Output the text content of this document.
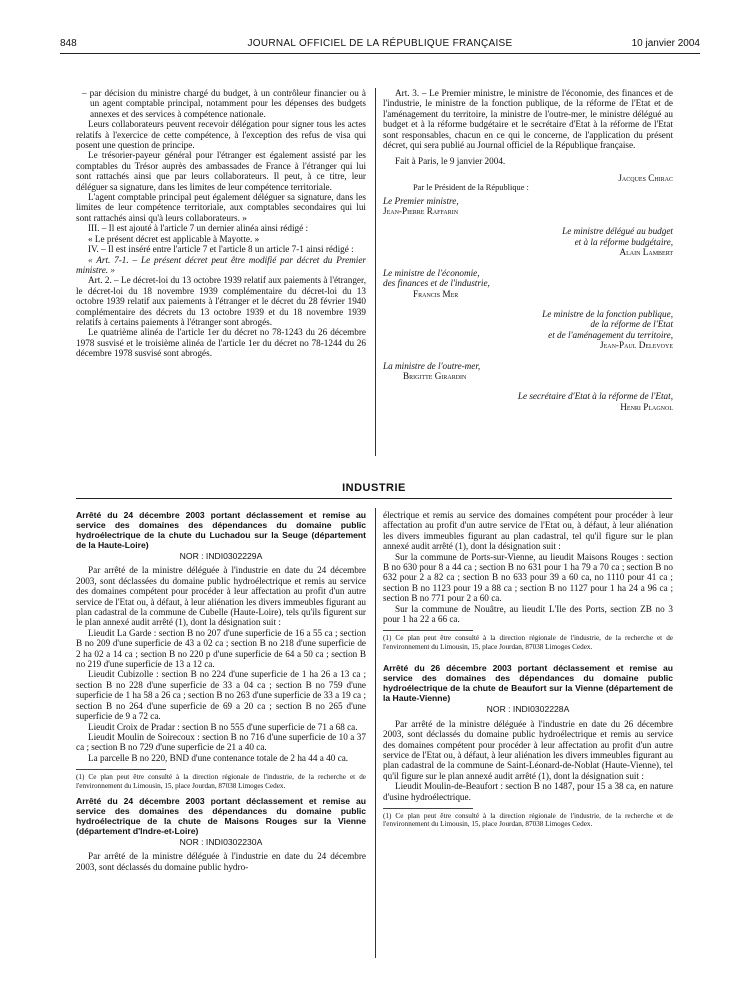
848	JOURNAL OFFICIEL DE LA RÉPUBLIQUE FRANÇAISE	10 janvier 2004

– par décision du ministre chargé du budget, à un contrôleur financier ou à un agent comptable principal, notamment pour les dépenses des budgets annexes et des services à compétence nationale.

Leurs collaborateurs peuvent recevoir délégation pour signer tous les actes relatifs à l'exercice de cette compétence, à l'exception des refus de visa qui posent une question de principe.

Le trésorier-payeur général pour l'étranger est également assisté par les comptables du Trésor auprès des ambassades de France à l'étranger qui lui sont rattachés ainsi que par leurs collaborateurs. Il peut, à ce titre, leur déléguer sa signature, dans les limites de leur compétence territoriale.

L'agent comptable principal peut également déléguer sa signature, dans les limites de leur compétence territoriale, aux comptables secondaires qui lui sont rattachés ainsi qu'à leurs collaborateurs. »

III. – Il est ajouté à l'article 7 un dernier alinéa ainsi rédigé :

« Le présent décret est applicable à Mayotte. »

IV. – Il est inséré entre l'article 7 et l'article 8 un article 7-1 ainsi rédigé :

« Art. 7-1. – Le présent décret peut être modifié par décret du Premier ministre. »

Art. 2. – Le décret-loi du 13 octobre 1939 relatif aux paiements à l'étranger, le décret-loi du 18 novembre 1939 complémentaire du décret-loi du 13 octobre 1939 relatif aux paiements à l'étranger et le décret du 28 février 1940 complémentaire des décrets du 13 octobre 1939 et du 18 novembre 1939 relatifs à certains paiements à l'étranger sont abrogés.

Le quatrième alinéa de l'article 1er du décret no 78-1243 du 26 décembre 1978 susvisé et le troisième alinéa de l'article 1er du décret no 78-1244 du 26 décembre 1978 susvisé sont abrogés.

Art. 3. – Le Premier ministre, le ministre de l'économie, des finances et de l'industrie, le ministre de la fonction publique, de la réforme de l'Etat et de l'aménagement du territoire, la ministre de l'outre-mer, le ministre délégué au budget et à la réforme budgétaire et le secrétaire d'Etat à la réforme de l'Etat sont responsables, chacun en ce qui le concerne, de l'application du présent décret, qui sera publié au Journal officiel de la République française.

Fait à Paris, le 9 janvier 2004.

Jacques Chirac
Par le Président de la République :
Le Premier ministre,
Jean-Pierre Raffarin
Le ministre délégué au budget
et à la réforme budgétaire,
Alain Lambert
Le ministre de l'économie,
des finances et de l'industrie,
Francis Mer
Le ministre de la fonction publique,
de la réforme de l'Etat
et de l'aménagement du territoire,
Jean-Paul Delevoye
La ministre de l'outre-mer,
Brigitte Girardin
Le secrétaire d'Etat à la réforme de l'Etat,
Henri Plagnol
INDUSTRIE
Arrêté du 24 décembre 2003 portant déclassement et remise au service des domaines des dépendances du domaine public hydroélectrique de la chute du Luchadou sur la Seuge (département de la Haute-Loire)
NOR : INDI0302229A

Par arrêté de la ministre déléguée à l'industrie en date du 24 décembre 2003, sont déclassées du domaine public hydroélectrique et remis au service des domaines compétent pour procéder à leur affectation au profit d'un autre service de l'Etat ou, à défaut, à leur aliénation les divers immeubles figurant au plan cadastral de la commune de Cubelle (Haute-Loire), tels qu'ils figurent sur le plan annexé audit arrêté (1), dont la désignation suit :

Lieudit La Garde : section B no 207 d'une superficie de 16 a 55 ca ; section B no 209 d'une superficie de 43 a 02 ca ; section B no 218 d'une superficie de 2 ha 02 a 14 ca ; section B no 220 p d'une superficie de 64 a 50 ca ; section B no 219 d'une superficie de 13 a 12 ca.

Lieudit Cubizolle : section B no 224 d'une superficie de 1 ha 26 a 13 ca ; section B no 228 d'une superficie de 33 a 04 ca ; section B no 759 d'une superficie de 1 ha 58 a 26 ca ; section B no 263 d'une superficie de 33 a 19 ca ; section B no 264 d'une superficie de 69 a 20 ca ; section B no 265 d'une superficie de 9 a 72 ca.

Lieudit Croix de Pradar : section B no 555 d'une superficie de 71 a 68 ca.

Lieudit Moulin de Soirecoux : section B no 716 d'une superficie de 10 a 37 ca ; section B no 729 d'une superficie de 21 a 40 ca.

La parcelle B no 220, BND d'une contenance totale de 2 ha 44 a 40 ca.

(1) Ce plan peut être consulté à la direction régionale de l'industrie, de la recherche et de l'environnement du Limousin, 15, place Jourdan, 87038 Limoges Cedex.

Arrêté du 24 décembre 2003 portant déclassement et remise au service des domaines des dépendances du domaine public hydroélectrique de la chute de Maisons Rouges sur la Vienne (département d'Indre-et-Loire)
NOR : INDI0302230A

Par arrêté de la ministre déléguée à l'industrie en date du 24 décembre 2003, sont déclassés du domaine public hydro-

électrique et remis au service des domaines compétent pour procéder à leur affectation au profit d'un autre service de l'Etat ou, à défaut, à leur aliénation les divers immeubles figurant au plan cadastral, tel qu'il figure sur le plan annexé audit arrêté (1), dont la désignation suit :

Sur la commune de Ports-sur-Vienne, au lieudit Maisons Rouges : section B no 630 pour 8 a 44 ca ; section B no 631 pour 1 ha 79 a 70 ca ; section B no 632 pour 2 a 82 ca ; section B no 633 pour 39 a 60 ca, no 1110 pour 41 ca ; section B no 1123 pour 19 a 88 ca ; section B no 1127 pour 1 ha 24 a 96 ca ; section B no 771 pour 2 a 60 ca.

Sur la commune de Nouâtre, au lieudit L'Ile des Ports, section ZB no 3 pour 1 ha 22 a 66 ca.

(1) Ce plan peut être consulté à la direction régionale de l'industrie, de la recherche et de l'environnement du Limousin, 15, place Jourdan, 87038 Limoges Cedex.

Arrêté du 26 décembre 2003 portant déclassement et remise au service des domaines des dépendances du domaine public hydroélectrique de la chute de Beaufort sur la Vienne (département de la Haute-Vienne)
NOR : INDI0302228A

Par arrêté de la ministre déléguée à l'industrie en date du 26 décembre 2003, sont déclassés du domaine public hydroélectrique et remis au service des domaines compétent pour procéder à leur affectation au profit d'un autre service de l'Etat ou, à défaut, à leur aliénation les divers immeubles figurant au plan cadastral de la commune de Saint-Léonard-de-Noblat (Haute-Vienne), tel qu'il figure sur le plan annexé audit arrêté (1), dont la désignation suit :

Lieudit Moulin-de-Beaufort : section B no 1487, pour 15 a 38 ca, en nature d'usine hydroélectrique.

(1) Ce plan peut être consulté à la direction régionale de l'industrie, de la recherche et de l'environnement du Limousin, 15, place Jourdan, 87038 Limoges Cedex.
